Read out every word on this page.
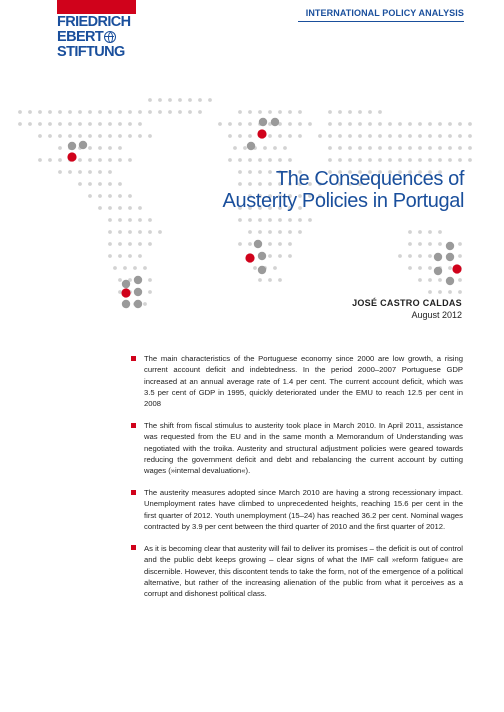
FRIEDRICH
EBERT
STIFTUNG
INTERNATIONAL POLICY ANALYSIS
The Consequences of
Austerity Policies in Portugal
JOSÉ CASTRO CALDAS
August 2012
The main characteristics of the Portuguese economy since 2000 are low growth, a rising current account deficit and indebtedness. In the period 2000–2007 Portuguese GDP increased at an annual average rate of 1.4 per cent. The current account deficit, which was 3.5 per cent of GDP in 1995, quickly deteriorated under the EMU to reach 12.5 per cent in 2008
The shift from fiscal stimulus to austerity took place in March 2010. In April 2011, assistance was requested from the EU and in the same month a Memorandum of Understanding was negotiated with the troika. Austerity and structural adjustment policies were geared towards reducing the government deficit and debt and rebalancing the current account by cutting wages (»internal devaluation«).
The austerity measures adopted since March 2010 are having a strong recessionary impact. Unemployment rates have climbed to unprecedented heights, reaching 15.6 per cent in the first quarter of 2012. Youth unemployment (15–24) has reached 36.2 per cent. Nominal wages contracted by 3.9 per cent between the third quarter of 2010 and the first quarter of 2012.
As it is becoming clear that austerity will fail to deliver its promises – the deficit is out of control and the public debt keeps growing – clear signs of what the IMF call »reform fatigue« are discernible. However, this discontent tends to take the form, not of the emergence of a political alternative, but rather of the increasing alienation of the public from what it perceives as a corrupt and dishonest political class.
